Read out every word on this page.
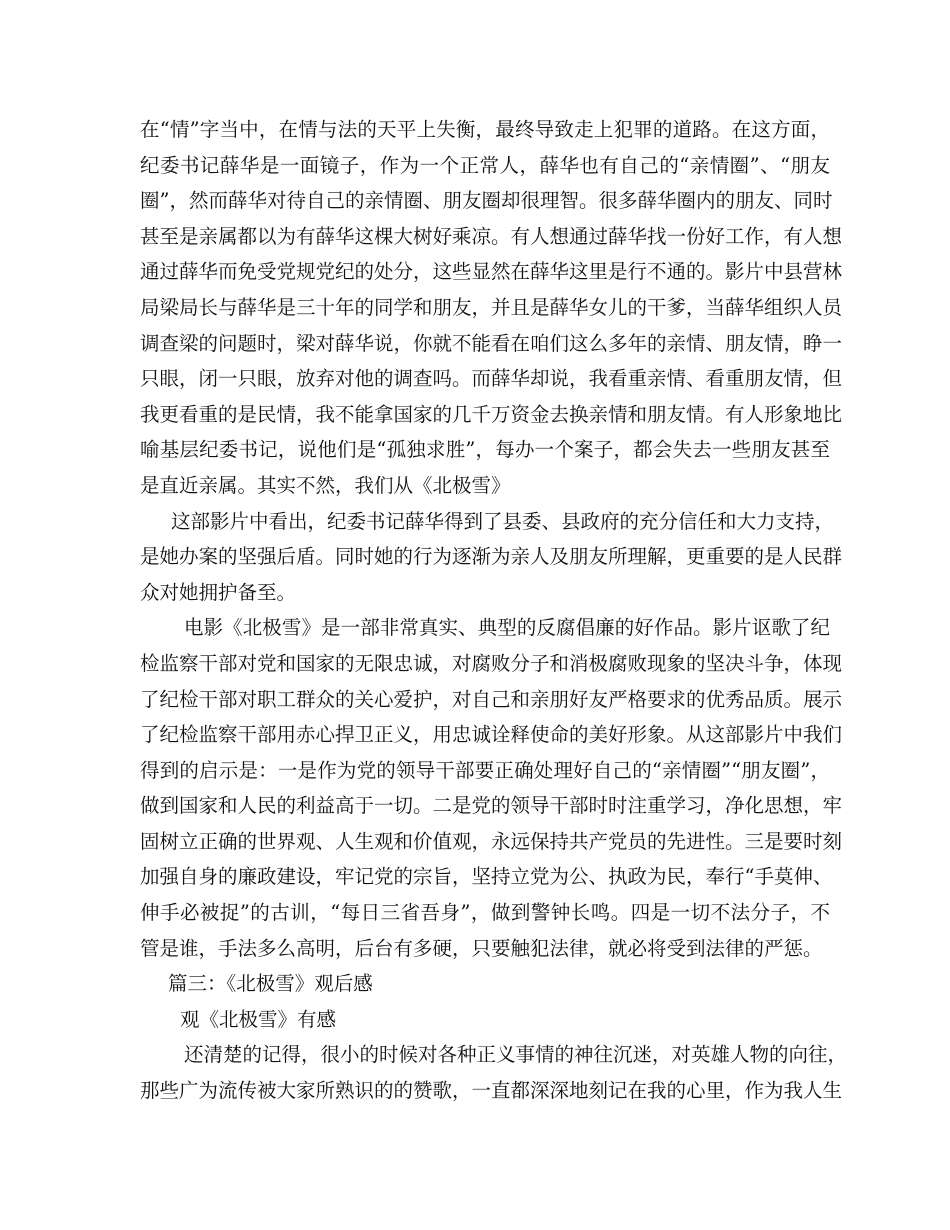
在“情”字当中，在情与法的天平上失衡，最终导致走上犯罪的道路。在这方面，
纪委书记薛华是一面镜子，作为一个正常人，薛华也有自己的“亲情圈”、“朋友
圈”，然而薛华对待自己的亲情圈、朋友圈却很理智。很多薛华圈内的朋友、同时
甚至是亲属都以为有薛华这棵大树好乘凉。有人想通过薛华找一份好工作，有人想
通过薛华而免受党规党纪的处分，这些显然在薛华这里是行不通的。影片中县营林
局梁局长与薛华是三十年的同学和朋友，并且是薛华女儿的干爹，当薛华组织人员
调查梁的问题时，梁对薛华说，你就不能看在咱们这么多年的亲情、朋友情，睁一
只眼，闭一只眼，放弃对他的调查吗。而薛华却说，我看重亲情、看重朋友情，但
我更看重的是民情，我不能拿国家的几千万资金去换亲情和朋友情。有人形象地比
喻基层纪委书记，说他们是“孤独求胜”，每办一个案子，都会失去一些朋友甚至
是直近亲属。其实不然，我们从《北极雪》
这部影片中看出，纪委书记薛华得到了县委、县政府的充分信任和大力支持，
是她办案的坚强后盾。同时她的行为逐渐为亲人及朋友所理解，更重要的是人民群
众对她拥护备至。
电影《北极雪》是一部非常真实、典型的反腐倡廉的好作品。影片讴歌了纪
检监察干部对党和国家的无限忠诚，对腐败分子和消极腐败现象的坚决斗争，体现
了纪检干部对职工群众的关心爱护，对自己和亲朋好友严格要求的优秀品质。展示
了纪检监察干部用赤心捍卫正义，用忠诚诠释使命的美好形象。从这部影片中我们
得到的启示是：一是作为党的领导干部要正确处理好自己的“亲情圈”“朋友圈”，
做到国家和人民的利益高于一切。二是党的领导干部时时注重学习，净化思想，牢
固树立正确的世界观、人生观和价值观，永远保持共产党员的先进性。三是要时刻
加强自身的廉政建设，牢记党的宗旨，坚持立党为公、执政为民，奉行“手莫伸、
伸手必被捉”的古训，“每日三省吾身”，做到警钟长鸣。四是一切不法分子，不
管是谁，手法多么高明，后台有多硬，只要触犯法律，就必将受到法律的严惩。
篇三：《北极雪》观后感
观《北极雪》有感
还清楚的记得，很小的时候对各种正义事情的神往沉迷，对英雄人物的向往，
那些广为流传被大家所熟识的的赞歌，一直都深深地刻记在我的心里，作为我人生
